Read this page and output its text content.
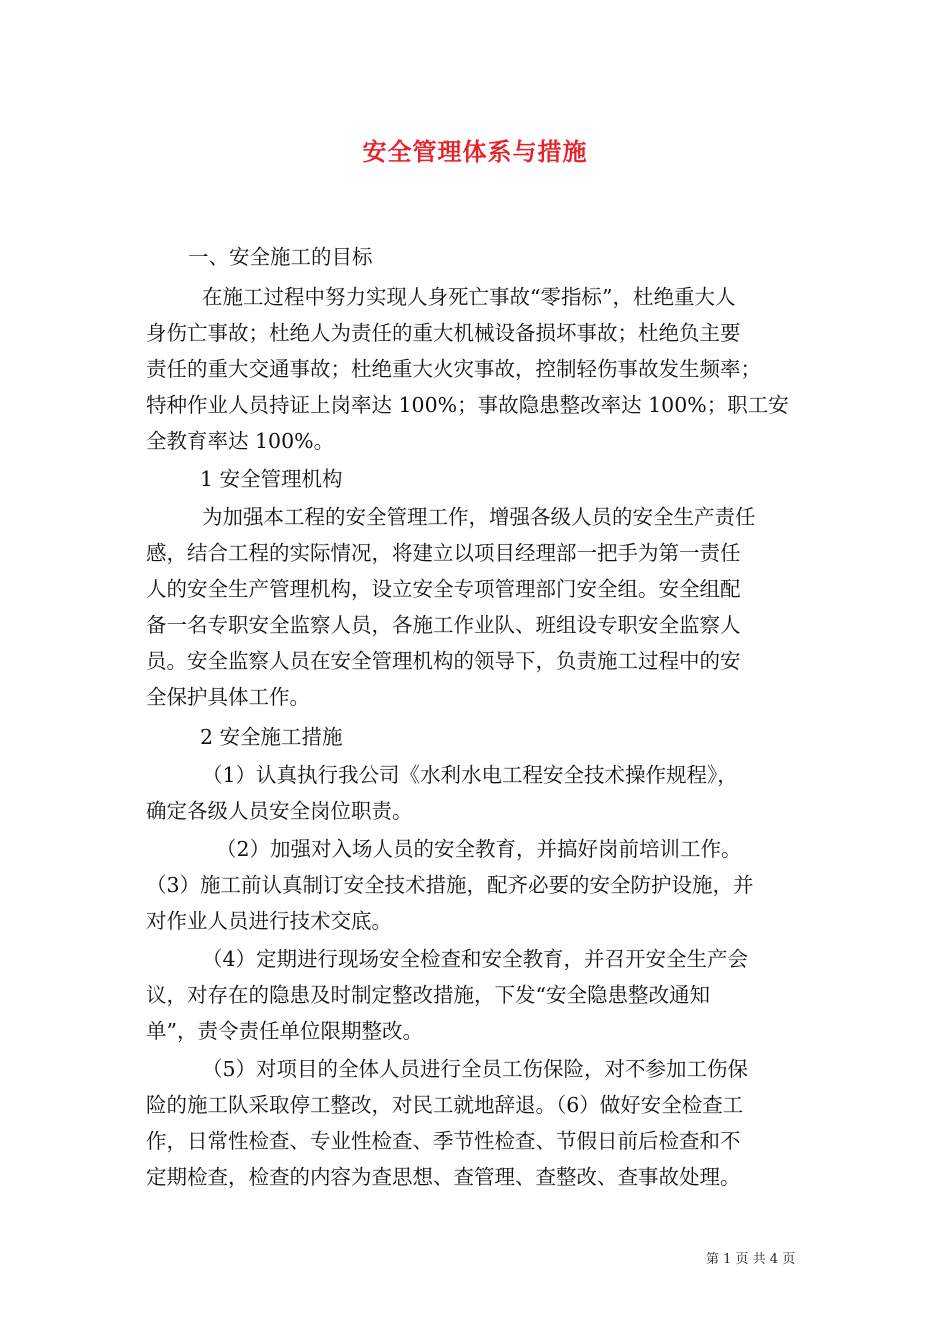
安全管理体系与措施

一、安全施工的目标

在施工过程中努力实现人身死亡事故“零指标”，杜绝重大人

身伤亡事故；杜绝人为责任的重大机械设备损坏事故；杜绝负主要

责任的重大交通事故；杜绝重大火灾事故，控制轻伤事故发生频率；

特种作业人员持证上岗率达 100%；事故隐患整改率达 100%；职工安

全教育率达 100%。

1 安全管理机构

为加强本工程的安全管理工作，增强各级人员的安全生产责任

感，结合工程的实际情况，将建立以项目经理部一把手为第一责任

人的安全生产管理机构，设立安全专项管理部门安全组。安全组配

备一名专职安全监察人员，各施工作业队、班组设专职安全监察人

员。安全监察人员在安全管理机构的领导下，负责施工过程中的安

全保护具体工作。

2 安全施工措施

（1）认真执行我公司《水利水电工程安全技术操作规程》，

确定各级人员安全岗位职责。

（2）加强对入场人员的安全教育，并搞好岗前培训工作。

（3）施工前认真制订安全技术措施，配齐必要的安全防护设施，并

对作业人员进行技术交底。

（4）定期进行现场安全检查和安全教育，并召开安全生产会

议，对存在的隐患及时制定整改措施，下发“安全隐患整改通知

单”，责令责任单位限期整改。

（5）对项目的全体人员进行全员工伤保险，对不参加工伤保

险的施工队采取停工整改，对民工就地辞退。（6）做好安全检查工

作，日常性检查、专业性检查、季节性检查、节假日前后检查和不

定期检查，检查的内容为查思想、查管理、查整改、查事故处理。

第 1 页 共 4 页
